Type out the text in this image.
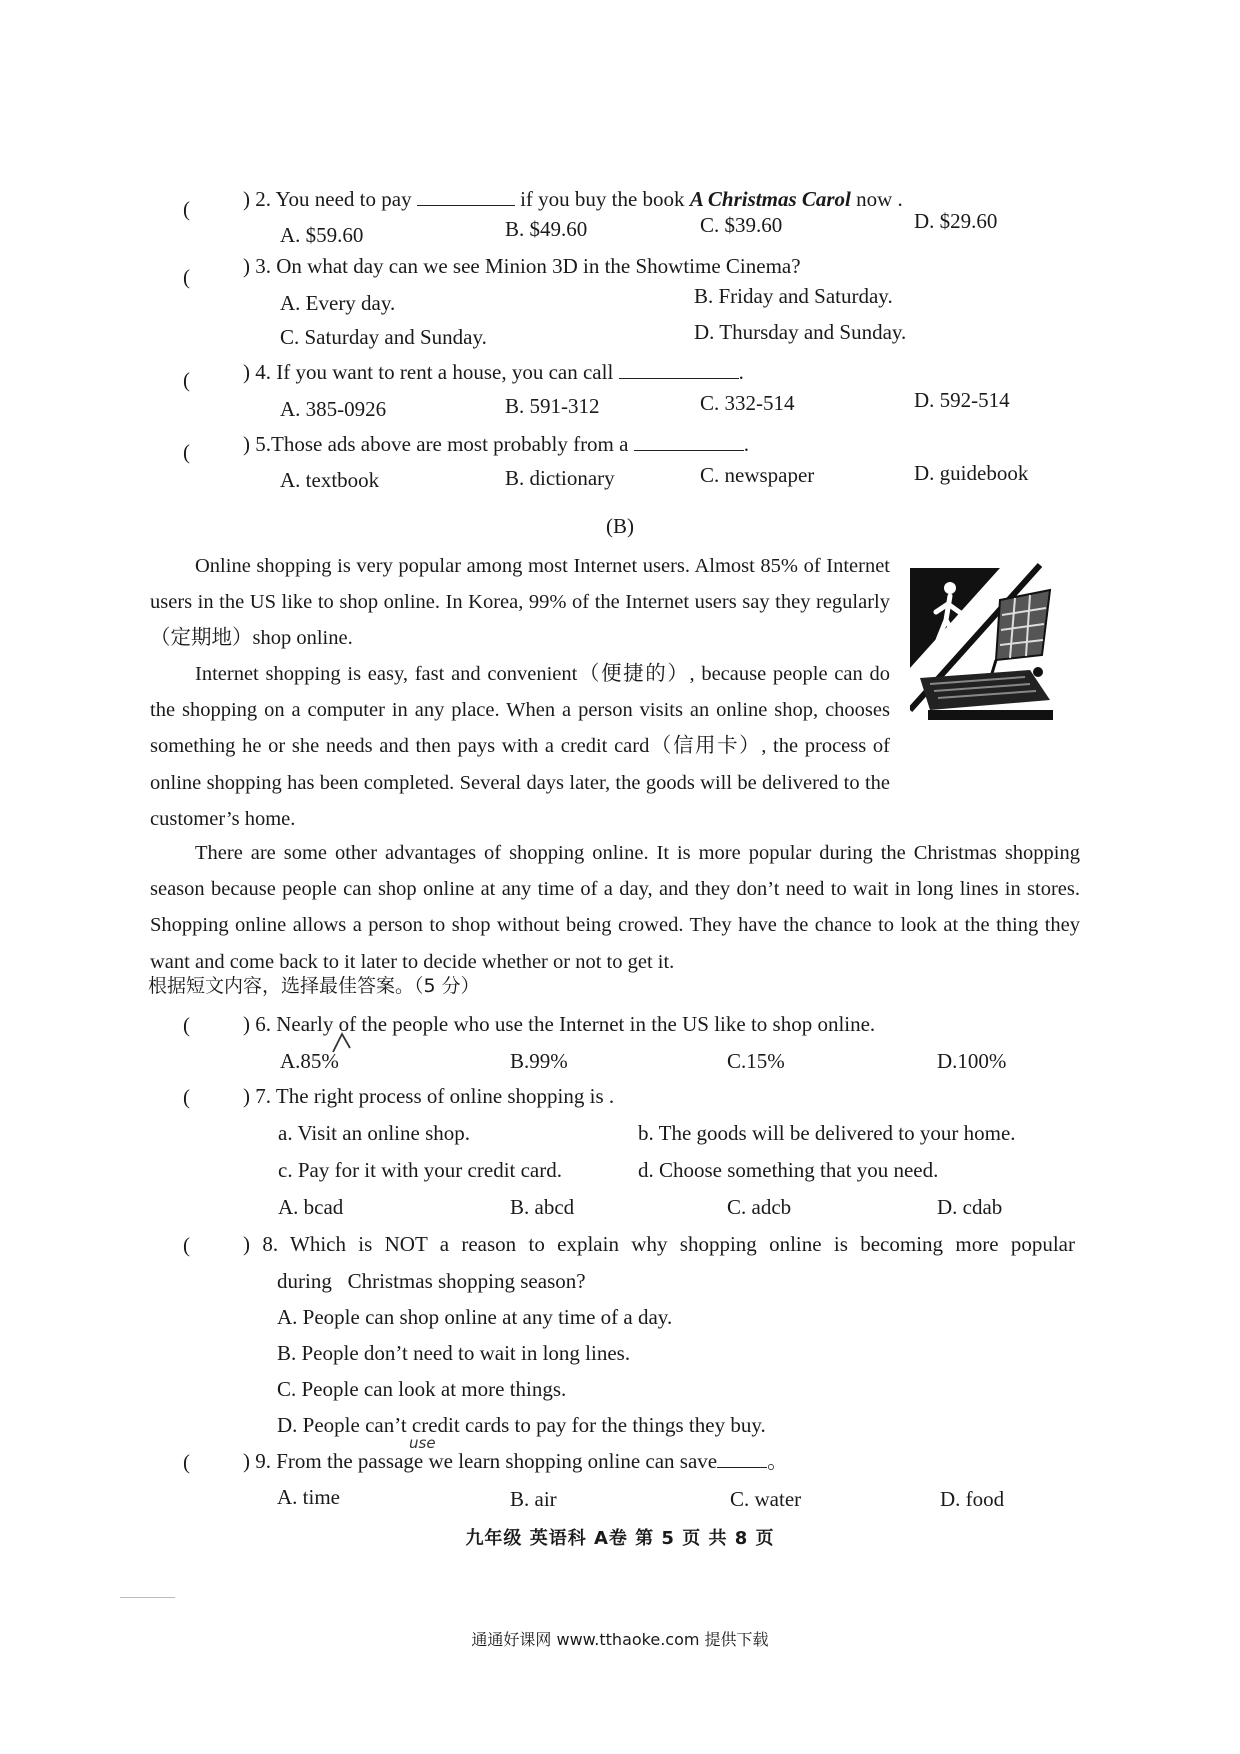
(	) 2. You need to pay	if you buy the book A Christmas Carol now .
A. $59.60	B. $49.60	C. $39.60	D. $29.60
(	) 3. On what day can we see Minion 3D in the Showtime Cinema?
A. Every day.	B. Friday and Saturday.
C. Saturday and Sunday.	D. Thursday and Sunday.
(	) 4. If you want to rent a house, you can call	.
A. 385-0926	B. 591-312	C. 332-514	D. 592-514
(	) 5.Those ads above are most probably from a	.
A. textbook	B. dictionary	C. newspaper	D. guidebook
(B)

Online shopping is very popular among most Internet users. Almost 85% of Internet users in the US like to shop online. In Korea, 99% of the Internet users say they regularly（定期地）shop online.

Internet shopping is easy, fast and convenient（便捷的）, because people can do the shopping on a computer in any place. When a person visits an online shop, chooses something he or she needs and then pays with a credit card（信用卡）, the process of online shopping has been completed. Several days later, the goods will be delivered to the customer’s home.

There are some other advantages of shopping online. It is more popular during the Christmas shopping season because people can shop online at any time of a day, and they don’t need to wait in long lines in stores. Shopping online allows a person to shop without being crowed. They have the chance to look at the thing they want and come back to it later to decide whether or not to get it.

根据短文内容，选择最佳答案。（5 分）
(	) 6. Nearly of the people who use the Internet in the US like to shop online.
A.85%	B.99%	C.15%	D.100%
(	) 7. The right process of online shopping is .
a. Visit an online shop.	b. The goods will be delivered to your home.
c. Pay for it with your credit card.	d. Choose something that you need.
A. bcad	B. abcd	C. adcb	D. cdab
(	) 8. Which is NOT a reason to explain why shopping online is becoming more popular
during   Christmas shopping season?
A. People can shop online at any time of a day.
B. People don’t need to wait in long lines.
C. People can look at more things.
D. People can’t credit cards to pay for the things they buy.
use
(	) 9. From the passage we learn shopping online can save 。
A. time	B. air	C. water	D. food
九年级 英语科 A卷 第 5 页 共 8 页
通通好课网 www.tthaoke.com 提供下载
